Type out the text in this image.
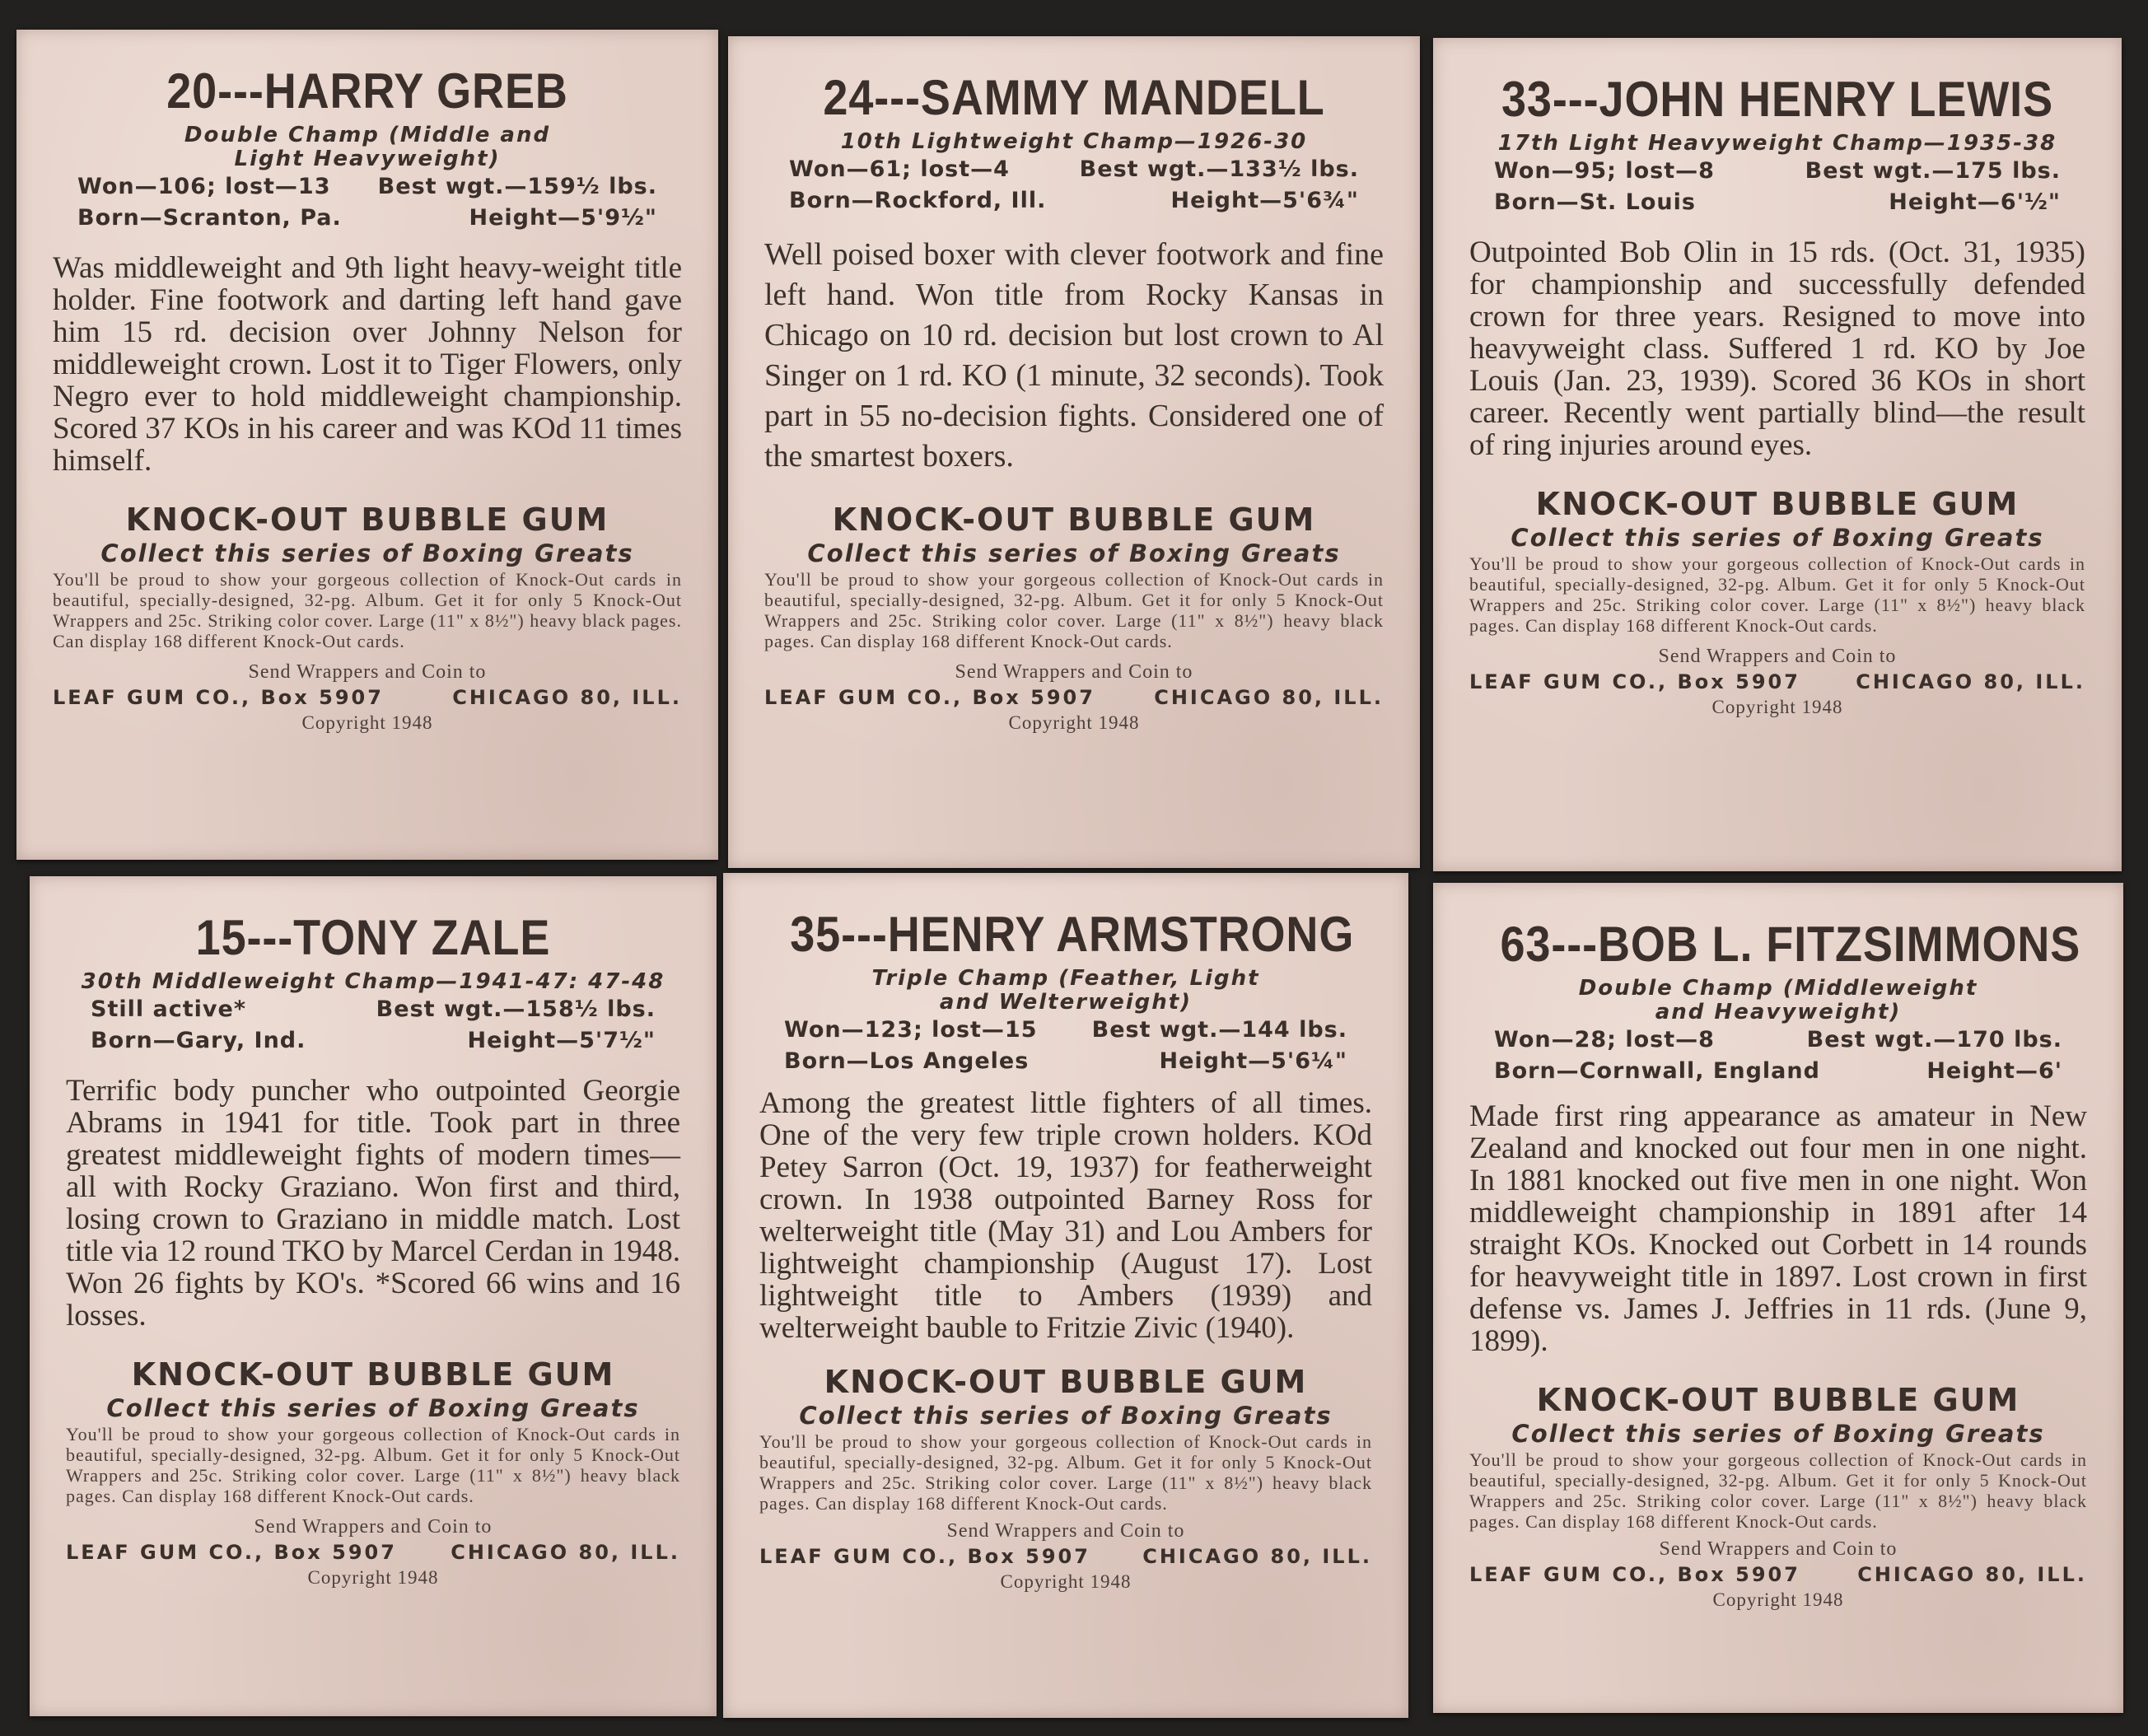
20---HARRY GREB
Double Champ (Middle and Light Heavyweight)
Won—106; lost—13 Best wgt.—159½ lbs.
Born—Scranton, Pa.	Height—5'9½"
Was middleweight and 9th light heavy-weight title holder. Fine footwork and darting left hand gave him 15 rd. decision over Johnny Nelson for middleweight crown. Lost it to Tiger Flowers, only Negro ever to hold middleweight championship. Scored 37 KOs in his career and was KOd 11 times himself.
KNOCK-OUT BUBBLE GUM
Collect this series of Boxing Greats
You'll be proud to show your gorgeous collection of Knock-Out cards in beautiful, specially-designed, 32-pg. Album. Get it for only 5 Knock-Out Wrappers and 25c. Striking color cover. Large (11" x 8½") heavy black pages. Can display 168 different Knock-Out cards.
Send Wrappers and Coin to
LEAF GUM CO., Box 5907	CHICAGO 80, ILL.
Copyright 1948
24---SAMMY MANDELL
10th Lightweight Champ—1926-30
Won—61; lost—4	Best wgt.—133½ lbs.
Born—Rockford, Ill.	Height—5'6¾"
Well poised boxer with clever footwork and fine left hand. Won title from Rocky Kansas in Chicago on 10 rd. decision but lost crown to Al Singer on 1 rd. KO (1 minute, 32 seconds). Took part in 55 no-decision fights. Considered one of the smartest boxers.
KNOCK-OUT BUBBLE GUM
Collect this series of Boxing Greats
You'll be proud to show your gorgeous collection of Knock-Out cards in beautiful, specially-designed, 32-pg. Album. Get it for only 5 Knock-Out Wrappers and 25c. Striking color cover. Large (11" x 8½") heavy black pages. Can display 168 different Knock-Out cards.
Send Wrappers and Coin to
LEAF GUM CO., Box 5907	CHICAGO 80, ILL.
Copyright 1948
33---JOHN HENRY LEWIS
17th Light Heavyweight Champ—1935-38
Won—95; lost—8	Best wgt.—175 lbs.
Born—St. Louis	Height—6'½"
Outpointed Bob Olin in 15 rds. (Oct. 31, 1935) for championship and successfully defended crown for three years. Resigned to move into heavyweight class. Suffered 1 rd. KO by Joe Louis (Jan. 23, 1939). Scored 36 KOs in short career. Recently went partially blind—the result of ring injuries around eyes.
KNOCK-OUT BUBBLE GUM
Collect this series of Boxing Greats
You'll be proud to show your gorgeous collection of Knock-Out cards in beautiful, specially-designed, 32-pg. Album. Get it for only 5 Knock-Out Wrappers and 25c. Striking color cover. Large (11" x 8½") heavy black pages. Can display 168 different Knock-Out cards.
Send Wrappers and Coin to
LEAF GUM CO., Box 5907	CHICAGO 80, ILL.
Copyright 1948
15---TONY ZALE
30th Middleweight Champ—1941-47: 47-48
Still active*	Best wgt.—158½ lbs.
Born—Gary, Ind.	Height—5'7½"
Terrific body puncher who outpointed Georgie Abrams in 1941 for title. Took part in three greatest middleweight fights of modern times—all with Rocky Graziano. Won first and third, losing crown to Graziano in middle match. Lost title via 12 round TKO by Marcel Cerdan in 1948. Won 26 fights by KO's. *Scored 66 wins and 16 losses.
KNOCK-OUT BUBBLE GUM
Collect this series of Boxing Greats
You'll be proud to show your gorgeous collection of Knock-Out cards in beautiful, specially-designed, 32-pg. Album. Get it for only 5 Knock-Out Wrappers and 25c. Striking color cover. Large (11" x 8½") heavy black pages. Can display 168 different Knock-Out cards.
Send Wrappers and Coin to
LEAF GUM CO., Box 5907	CHICAGO 80, ILL.
Copyright 1948
35---HENRY ARMSTRONG
Triple Champ (Feather, Light and Welterweight)
Won—123; lost—15 Best wgt.—144 lbs.
Born—Los Angeles	Height—5'6¼"
Among the greatest little fighters of all times. One of the very few triple crown holders. KOd Petey Sarron (Oct. 19, 1937) for featherweight crown. In 1938 outpointed Barney Ross for welterweight title (May 31) and Lou Ambers for lightweight championship (August 17). Lost lightweight title to Ambers (1939) and welterweight bauble to Fritzie Zivic (1940).
KNOCK-OUT BUBBLE GUM
Collect this series of Boxing Greats
You'll be proud to show your gorgeous collection of Knock-Out cards in beautiful, specially-designed, 32-pg. Album. Get it for only 5 Knock-Out Wrappers and 25c. Striking color cover. Large (11" x 8½") heavy black pages. Can display 168 different Knock-Out cards.
Send Wrappers and Coin to
LEAF GUM CO., Box 5907	CHICAGO 80, ILL.
Copyright 1948
63---BOB L. FITZSIMMONS
Double Champ (Middleweight and Heavyweight)
Won—28; lost—8	Best wgt.—170 lbs.
Born—Cornwall, England	Height—6'
Made first ring appearance as amateur in New Zealand and knocked out four men in one night. In 1881 knocked out five men in one night. Won middleweight championship in 1891 after 14 straight KOs. Knocked out Corbett in 14 rounds for heavyweight title in 1897. Lost crown in first defense vs. James J. Jeffries in 11 rds. (June 9, 1899).
KNOCK-OUT BUBBLE GUM
Collect this series of Boxing Greats
You'll be proud to show your gorgeous collection of Knock-Out cards in beautiful, specially-designed, 32-pg. Album. Get it for only 5 Knock-Out Wrappers and 25c. Striking color cover. Large (11" x 8½") heavy black pages. Can display 168 different Knock-Out cards.
Send Wrappers and Coin to
LEAF GUM CO., Box 5907	CHICAGO 80, ILL.
Copyright 1948
